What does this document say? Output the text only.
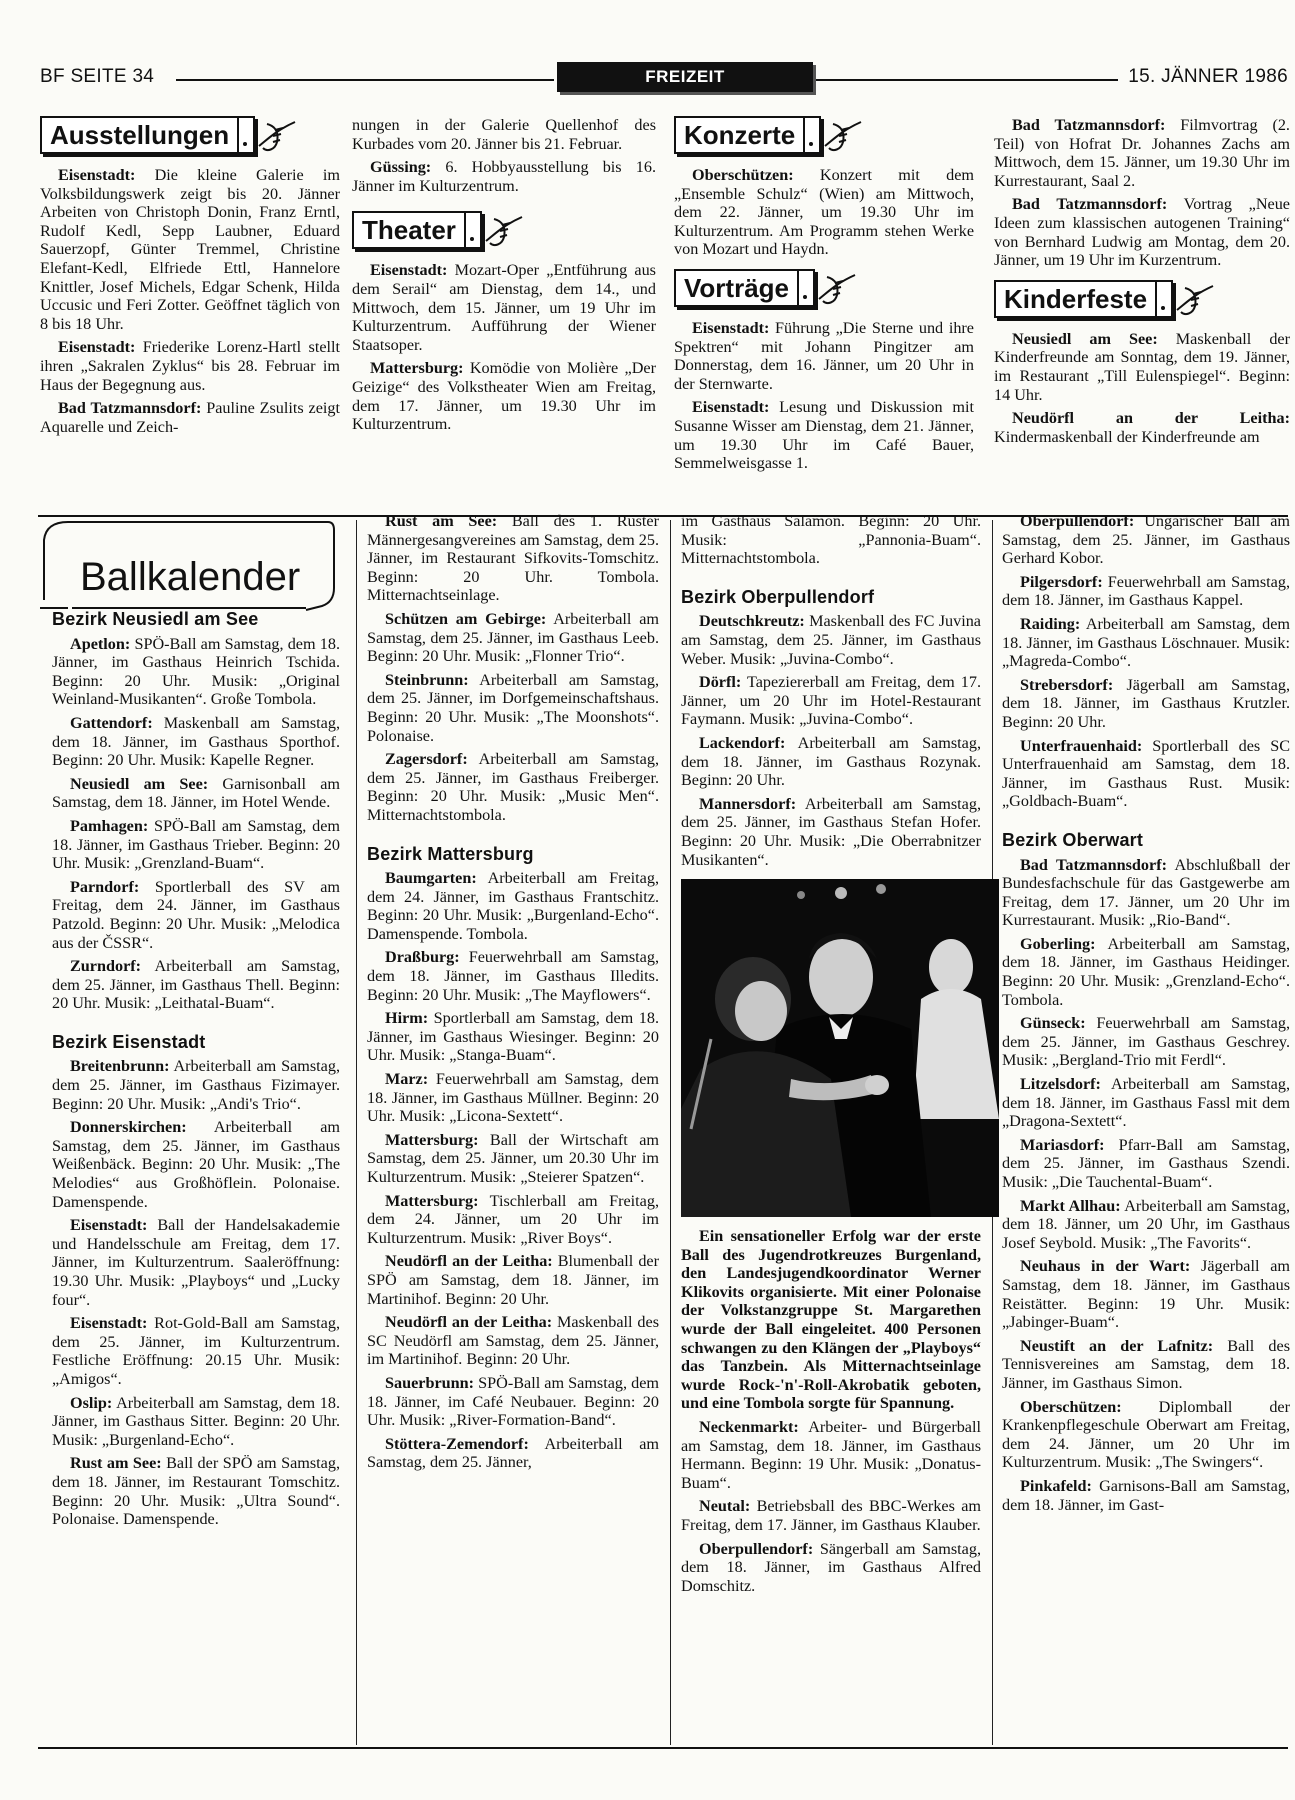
BF SEITE 34	FREIZEIT	15. JÄNNER 1986
Ausstellungen

Eisenstadt: Die kleine Galerie im Volksbildungswerk zeigt bis 20. Jänner Arbeiten von Christoph Donin, Franz Erntl, Rudolf Kedl, Sepp Laubner, Eduard Sauerzopf, Günter Tremmel, Christine Elefant-Kedl, Elfriede Ettl, Hannelore Knittler, Josef Michels, Edgar Schenk, Hilda Uccusic und Feri Zotter. Geöffnet täglich von 8 bis 18 Uhr.

Eisenstadt: Friederike Lorenz-Hartl stellt ihren „Sakralen Zyklus“ bis 28. Februar im Haus der Begegnung aus.

Bad Tatzmannsdorf: Pauline Zsulits zeigt Aquarelle und Zeich-

nungen in der Galerie Quellenhof des Kurbades vom 20. Jänner bis 21. Februar.

Güssing: 6. Hobbyausstellung bis 16. Jänner im Kulturzentrum.

Theater

Eisenstadt: Mozart-Oper „Entführung aus dem Serail“ am Dienstag, dem 14., und Mittwoch, dem 15. Jänner, um 19 Uhr im Kulturzentrum. Aufführung der Wiener Staatsoper.

Mattersburg: Komödie von Molière „Der Geizige“ des Volkstheater Wien am Freitag, dem 17. Jänner, um 19.30 Uhr im Kulturzentrum.

Konzerte

Oberschützen: Konzert mit dem „Ensemble Schulz“ (Wien) am Mittwoch, dem 22. Jänner, um 19.30 Uhr im Kulturzentrum. Am Programm stehen Werke von Mozart und Haydn.

Vorträge

Eisenstadt: Führung „Die Sterne und ihre Spektren“ mit Johann Pingitzer am Donnerstag, dem 16. Jänner, um 20 Uhr in der Sternwarte.

Eisenstadt: Lesung und Diskussion mit Susanne Wisser am Dienstag, dem 21. Jänner, um 19.30 Uhr im Café Bauer, Semmelweisgasse 1.

Bad Tatzmannsdorf: Filmvortrag (2. Teil) von Hofrat Dr. Johannes Zachs am Mittwoch, dem 15. Jänner, um 19.30 Uhr im Kurrestaurant, Saal 2.

Bad Tatzmannsdorf: Vortrag „Neue Ideen zum klassischen autogenen Training“ von Bernhard Ludwig am Montag, dem 20. Jänner, um 19 Uhr im Kurzentrum.

Kinderfeste

Neusiedl am See: Maskenball der Kinderfreunde am Sonntag, dem 19. Jänner, im Restaurant „Till Eulenspiegel“. Beginn: 14 Uhr.

Neudörfl an der Leitha: Kindermaskenball der Kinderfreunde am

Ballkalender
Bezirk Neusiedl am See

Apetlon: SPÖ-Ball am Samstag, dem 18. Jänner, im Gasthaus Heinrich Tschida. Beginn: 20 Uhr. Musik: „Original Weinland-Musikanten“. Große Tombola.

Gattendorf: Maskenball am Samstag, dem 18. Jänner, im Gasthaus Sporthof. Beginn: 20 Uhr. Musik: Kapelle Regner.

Neusiedl am See: Garnisonball am Samstag, dem 18. Jänner, im Hotel Wende.

Pamhagen: SPÖ-Ball am Samstag, dem 18. Jänner, im Gasthaus Trieber. Beginn: 20 Uhr. Musik: „Grenzland-Buam“.

Parndorf: Sportlerball des SV am Freitag, dem 24. Jänner, im Gasthaus Patzold. Beginn: 20 Uhr. Musik: „Melodica aus der ČSSR“.

Zurndorf: Arbeiterball am Samstag, dem 25. Jänner, im Gasthaus Thell. Beginn: 20 Uhr. Musik: „Leithatal-Buam“.

Bezirk Eisenstadt

Breitenbrunn: Arbeiterball am Samstag, dem 25. Jänner, im Gasthaus Fizimayer. Beginn: 20 Uhr. Musik: „Andi's Trio“.

Donnerskirchen: Arbeiterball am Samstag, dem 25. Jänner, im Gasthaus Weißenbäck. Beginn: 20 Uhr. Musik: „The Melodies“ aus Großhöflein. Polonaise. Damenspende.

Eisenstadt: Ball der Handelsakademie und Handelsschule am Freitag, dem 17. Jänner, im Kulturzentrum. Saaleröffnung: 19.30 Uhr. Musik: „Playboys“ und „Lucky four“.

Eisenstadt: Rot-Gold-Ball am Samstag, dem 25. Jänner, im Kulturzentrum. Festliche Eröffnung: 20.15 Uhr. Musik: „Amigos“.

Oslip: Arbeiterball am Samstag, dem 18. Jänner, im Gasthaus Sitter. Beginn: 20 Uhr. Musik: „Burgenland-Echo“.

Rust am See: Ball der SPÖ am Samstag, dem 18. Jänner, im Restaurant Tomschitz. Beginn: 20 Uhr. Musik: „Ultra Sound“. Polonaise. Damenspende.

Rust am See: Ball des 1. Ruster Männergesangvereines am Samstag, dem 25. Jänner, im Restaurant Sifkovits-Tomschitz. Beginn: 20 Uhr. Tombola. Mitternachtseinlage.

Schützen am Gebirge: Arbeiterball am Samstag, dem 25. Jänner, im Gasthaus Leeb. Beginn: 20 Uhr. Musik: „Flonner Trio“.

Steinbrunn: Arbeiterball am Samstag, dem 25. Jänner, im Dorfgemeinschaftshaus. Beginn: 20 Uhr. Musik: „The Moonshots“. Polonaise.

Zagersdorf: Arbeiterball am Samstag, dem 25. Jänner, im Gasthaus Freiberger. Beginn: 20 Uhr. Musik: „Music Men“. Mitternachtstombola.

Bezirk Mattersburg

Baumgarten: Arbeiterball am Freitag, dem 24. Jänner, im Gasthaus Frantschitz. Beginn: 20 Uhr. Musik: „Burgenland-Echo“. Damenspende. Tombola.

Draßburg: Feuerwehrball am Samstag, dem 18. Jänner, im Gasthaus Illedits. Beginn: 20 Uhr. Musik: „The Mayflowers“.

Hirm: Sportlerball am Samstag, dem 18. Jänner, im Gasthaus Wiesinger. Beginn: 20 Uhr. Musik: „Stanga-Buam“.

Marz: Feuerwehrball am Samstag, dem 18. Jänner, im Gasthaus Müllner. Beginn: 20 Uhr. Musik: „Licona-Sextett“.

Mattersburg: Ball der Wirtschaft am Samstag, dem 25. Jänner, um 20.30 Uhr im Kulturzentrum. Musik: „Steierer Spatzen“.

Mattersburg: Tischlerball am Freitag, dem 24. Jänner, um 20 Uhr im Kulturzentrum. Musik: „River Boys“.

Neudörfl an der Leitha: Blumenball der SPÖ am Samstag, dem 18. Jänner, im Martinihof. Beginn: 20 Uhr.

Neudörfl an der Leitha: Maskenball des SC Neudörfl am Samstag, dem 25. Jänner, im Martinihof. Beginn: 20 Uhr.

Sauerbrunn: SPÖ-Ball am Samstag, dem 18. Jänner, im Café Neubauer. Beginn: 20 Uhr. Musik: „River-Formation-Band“.

Stöttera-Zemendorf: Arbeiterball am Samstag, dem 25. Jänner,

im Gasthaus Salamon. Beginn: 20 Uhr. Musik: „Pannonia-Buam“. Mitternachtstombola.

Bezirk Oberpullendorf

Deutschkreutz: Maskenball des FC Juvina am Samstag, dem 25. Jänner, im Gasthaus Weber. Musik: „Juvina-Combo“.

Dörfl: Tapeziererball am Freitag, dem 17. Jänner, um 20 Uhr im Hotel-Restaurant Faymann. Musik: „Juvina-Combo“.

Lackendorf: Arbeiterball am Samstag, dem 18. Jänner, im Gasthaus Rozynak. Beginn: 20 Uhr.

Mannersdorf: Arbeiterball am Samstag, dem 25. Jänner, im Gasthaus Stefan Hofer. Beginn: 20 Uhr. Musik: „Die Oberrabnitzer Musikanten“.

Ein sensationeller Erfolg war der erste Ball des Jugendrotkreuzes Burgenland, den Landesjugendkoordinator Werner Klikovits organisierte. Mit einer Polonaise der Volkstanzgruppe St. Margarethen wurde der Ball eingeleitet. 400 Personen schwangen zu den Klängen der „Playboys“ das Tanzbein. Als Mitternachtseinlage wurde Rock-'n'-Roll-Akrobatik geboten, und eine Tombola sorgte für Spannung.

Neckenmarkt: Arbeiter- und Bürgerball am Samstag, dem 18. Jänner, im Gasthaus Hermann. Beginn: 19 Uhr. Musik: „Donatus-Buam“.

Neutal: Betriebsball des BBC-Werkes am Freitag, dem 17. Jänner, im Gasthaus Klauber.

Oberpullendorf: Sängerball am Samstag, dem 18. Jänner, im Gasthaus Alfred Domschitz.

Oberpullendorf: Ungarischer Ball am Samstag, dem 25. Jänner, im Gasthaus Gerhard Kobor.

Pilgersdorf: Feuerwehrball am Samstag, dem 18. Jänner, im Gasthaus Kappel.

Raiding: Arbeiterball am Samstag, dem 18. Jänner, im Gasthaus Löschnauer. Musik: „Magreda-Combo“.

Strebersdorf: Jägerball am Samstag, dem 18. Jänner, im Gasthaus Krutzler. Beginn: 20 Uhr.

Unterfrauenhaid: Sportlerball des SC Unterfrauenhaid am Samstag, dem 18. Jänner, im Gasthaus Rust. Musik: „Goldbach-Buam“.

Bezirk Oberwart

Bad Tatzmannsdorf: Abschlußball der Bundesfachschule für das Gastgewerbe am Freitag, dem 17. Jänner, um 20 Uhr im Kurrestaurant. Musik: „Rio-Band“.

Goberling: Arbeiterball am Samstag, dem 18. Jänner, im Gasthaus Heidinger. Beginn: 20 Uhr. Musik: „Grenzland-Echo“. Tombola.

Günseck: Feuerwehrball am Samstag, dem 25. Jänner, im Gasthaus Geschrey. Musik: „Bergland-Trio mit Ferdl“.

Litzelsdorf: Arbeiterball am Samstag, dem 18. Jänner, im Gasthaus Fassl mit dem „Dragona-Sextett“.

Mariasdorf: Pfarr-Ball am Samstag, dem 25. Jänner, im Gasthaus Szendi. Musik: „Die Tauchental-Buam“.

Markt Allhau: Arbeiterball am Samstag, dem 18. Jänner, um 20 Uhr, im Gasthaus Josef Seybold. Musik: „The Favorits“.

Neuhaus in der Wart: Jägerball am Samstag, dem 18. Jänner, im Gasthaus Reistätter. Beginn: 19 Uhr. Musik: „Jabinger-Buam“.

Neustift an der Lafnitz: Ball des Tennisvereines am Samstag, dem 18. Jänner, im Gasthaus Simon.

Oberschützen: Diplomball der Krankenpflegeschule Oberwart am Freitag, dem 24. Jänner, um 20 Uhr im Kulturzentrum. Musik: „The Swingers“.

Pinkafeld: Garnisons-Ball am Samstag, dem 18. Jänner, im Gast-
